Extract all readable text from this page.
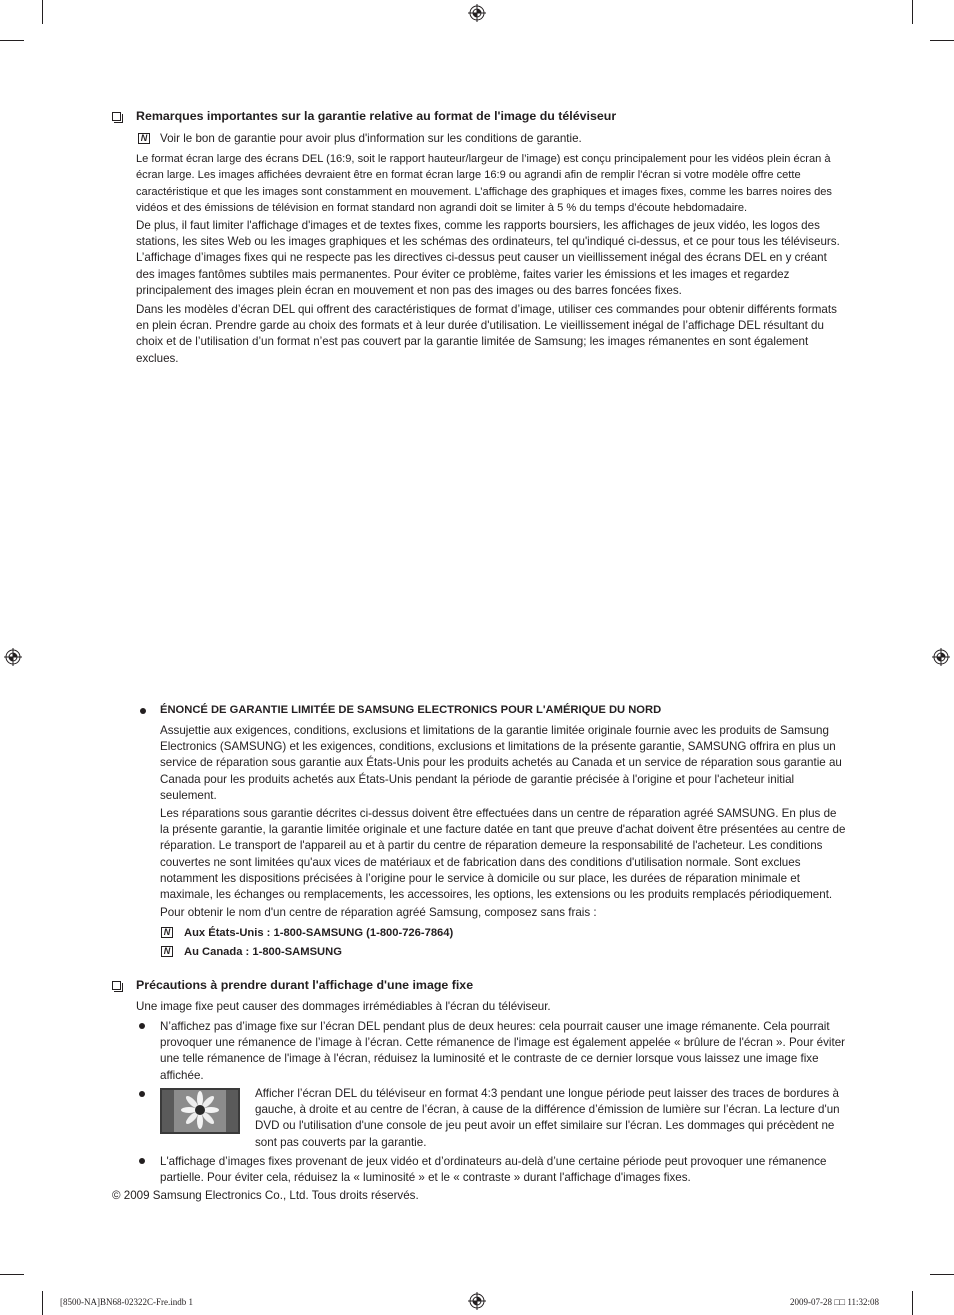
Remarques importantes sur la garantie relative au format de l'image du téléviseur
N Voir le bon de garantie pour avoir plus d'information sur les conditions de garantie.
Le format écran large des écrans DEL (16:9, soit le rapport hauteur/largeur de l’image) est conçu principalement pour les vidéos plein écran à écran large. Les images affichées devraient être en format écran large 16:9 ou agrandi afin de remplir l'écran si votre modèle offre cette caractéristique et que les images sont constamment en mouvement. L’affichage des graphiques et images fixes, comme les barres noires des vidéos et des émissions de télévision en format standard non agrandi doit se limiter à 5 % du temps d’écoute hebdomadaire.
De plus, il faut limiter l'affichage d'images et de textes fixes, comme les rapports boursiers, les affichages de jeux vidéo, les logos des stations, les sites Web ou les images graphiques et les schémas des ordinateurs, tel qu'indiqué ci-dessus, et ce pour tous les téléviseurs. L’affichage d’images fixes qui ne respecte pas les directives ci-dessus peut causer un vieillissement inégal des écrans DEL en y créant des images fantômes subtiles mais permanentes. Pour éviter ce problème, faites varier les émissions et les images et regardez principalement des images plein écran en mouvement et non pas des images ou des barres foncées fixes.
Dans les modèles d’écran DEL qui offrent des caractéristiques de format d’image, utiliser ces commandes pour obtenir différents formats en plein écran. Prendre garde au choix des formats et à leur durée d'utilisation. Le vieillissement inégal de l’affichage DEL résultant du choix et de l’utilisation d’un format n’est pas couvert par la garantie limitée de Samsung; les images rémanentes en sont également exclues.
ÉNONCÉ DE GARANTIE LIMITÉE DE SAMSUNG ELECTRONICS POUR L'AMÉRIQUE DU NORD
Assujettie aux exigences, conditions, exclusions et limitations de la garantie limitée originale fournie avec les produits de Samsung Electronics (SAMSUNG) et les exigences, conditions, exclusions et limitations de la présente garantie, SAMSUNG offrira en plus un service de réparation sous garantie aux États-Unis pour les produits achetés au Canada et un service de réparation sous garantie au Canada pour les produits achetés aux États-Unis pendant la période de garantie précisée à l'origine et pour l'acheteur initial seulement.
Les réparations sous garantie décrites ci-dessus doivent être effectuées dans un centre de réparation agréé SAMSUNG. En plus de la présente garantie, la garantie limitée originale et une facture datée en tant que preuve d'achat doivent être présentées au centre de réparation. Le transport de l'appareil au et à partir du centre de réparation demeure la responsabilité de l'acheteur. Les conditions couvertes ne sont limitées qu'aux vices de matériaux et de fabrication dans des conditions d'utilisation normale. Sont exclues notamment les dispositions précisées à l’origine pour le service à domicile ou sur place, les durées de réparation minimale et maximale, les échanges ou remplacements, les accessoires, les options, les extensions ou les produits remplacés périodiquement.
Pour obtenir le nom d'un centre de réparation agréé Samsung, composez sans frais :
N Aux États-Unis : 1-800-SAMSUNG (1-800-726-7864)
N Au Canada : 1-800-SAMSUNG
Précautions à prendre durant l'affichage d'une image fixe
Une image fixe peut causer des dommages irrémédiables à l'écran du téléviseur.
N’affichez pas d’image fixe sur l’écran DEL pendant plus de deux heures: cela pourrait causer une image rémanente. Cela pourrait provoquer une rémanence de l’image à l’écran. Cette rémanence de l'image est également appelée « brûlure de l'écran ». Pour éviter une telle rémanence de l'image à l'écran, réduisez la luminosité et le contraste de ce dernier lorsque vous laissez une image fixe affichée.
Afficher l’écran DEL du téléviseur en format 4:3 pendant une longue période peut laisser des traces de bordures à gauche, à droite et au centre de l’écran, à cause de la différence d’émission de lumière sur l’écran. La lecture d'un DVD ou l'utilisation d'une console de jeu peut avoir un effet similaire sur l'écran. Les dommages qui précèdent ne sont pas couverts par la garantie.
L'affichage d’images fixes provenant de jeux vidéo et d’ordinateurs au-delà d’une certaine période peut provoquer une rémanence partielle. Pour éviter cela, réduisez la « luminosité » et le « contraste » durant l'affichage d'images fixes.
© 2009 Samsung Electronics Co., Ltd. Tous droits réservés.
[8500-NA]BN68-02322C-Fre.indb 1	2009-07-28 □□ 11:32:08
